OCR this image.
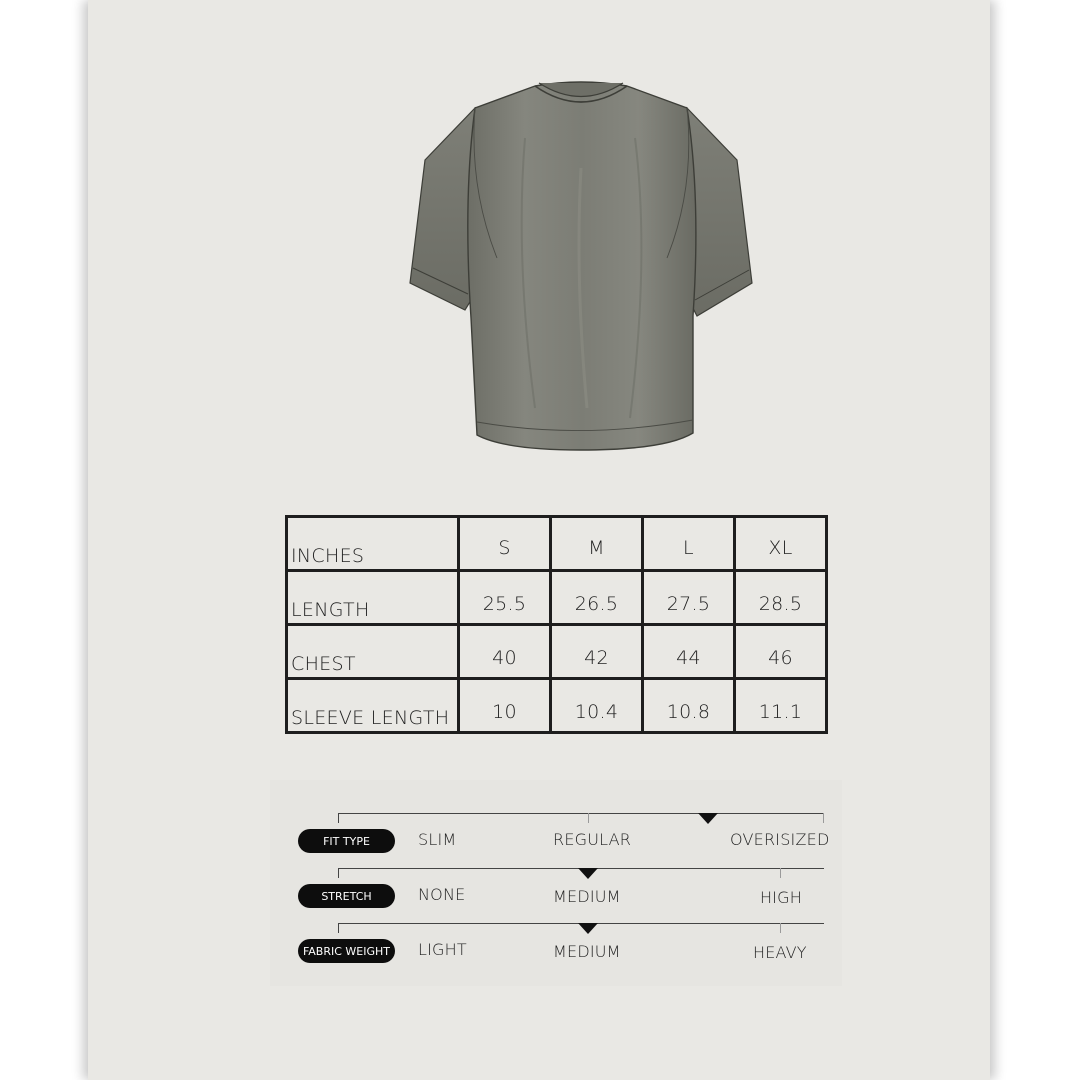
INCHES	S	M	L	XL
LENGTH	25.5	26.5	27.5	28.5
CHEST	40	42	44	46
SLEEVE LENGTH	10	10.4	10.8	11.1
FIT TYPE	SLIM	REGULAR	OVERISIZED
STRETCH	NONE	MEDIUM	HIGH
FABRIC WEIGHT	LIGHT	MEDIUM	HEAVY
